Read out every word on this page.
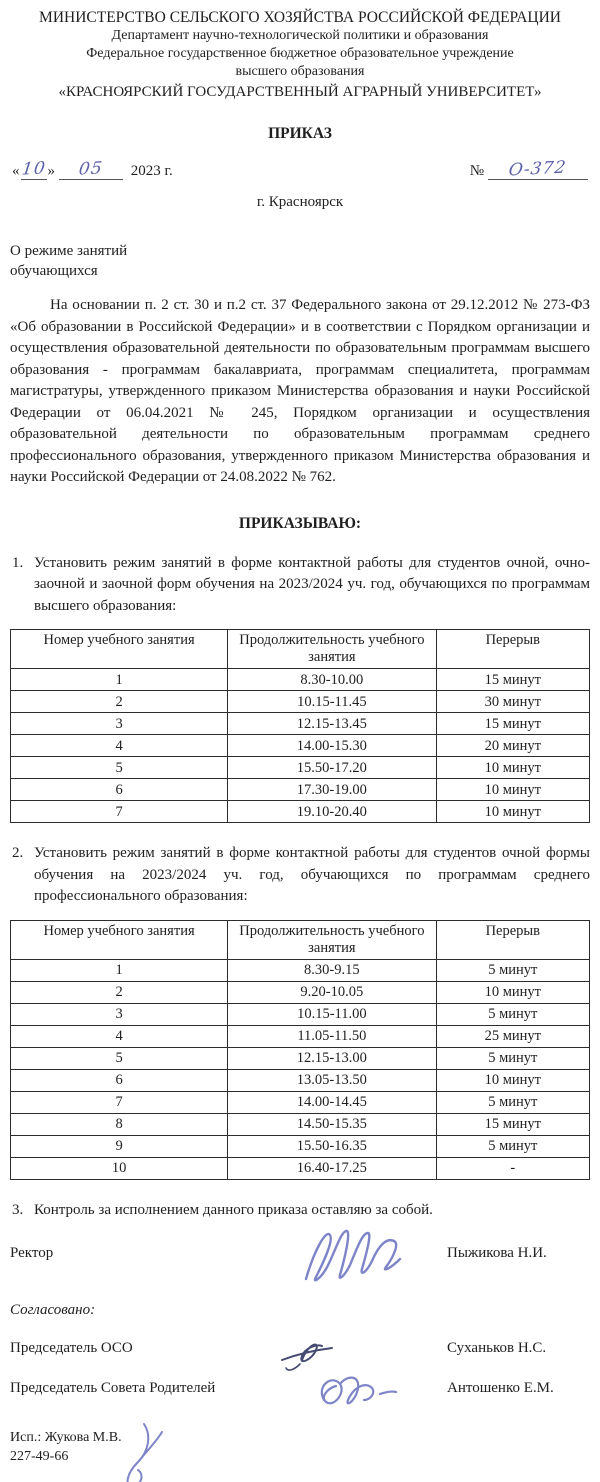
МИНИСТЕРСТВО СЕЛЬСКОГО ХОЗЯЙСТВА РОССИЙСКОЙ ФЕДЕРАЦИИ
Департамент научно-технологической политики и образования
Федеральное государственное бюджетное образовательное учреждение
высшего образования
«КРАСНОЯРСКИЙ ГОСУДАРСТВЕННЫЙ АГРАРНЫЙ УНИВЕРСИТЕТ»
ПРИКАЗ
«10» 05 2023 г.	№ О-372
г. Красноярск
О режиме занятий
обучающихся
На основании п. 2 ст. 30 и п.2 ст. 37 Федерального закона от 29.12.2012 № 273-ФЗ «Об образовании в Российской Федерации» и в соответствии с Порядком организации и осуществления образовательной деятельности по образовательным программам высшего образования - программам бакалавриата, программам специалитета, программам магистратуры, утвержденного приказом Министерства образования и науки Российской Федерации от 06.04.2021 № 245, Порядком организации и осуществления образовательной деятельности по образовательным программам среднего профессионального образования, утвержденного приказом Министерства образования и науки Российской Федерации от 24.08.2022 № 762.
ПРИКАЗЫВАЮ:
1. Установить режим занятий в форме контактной работы для студентов очной, очно-заочной и заочной форм обучения на 2023/2024 уч. год, обучающихся по программам высшего образования:
Номер учебного занятия	Продолжительность учебного занятия	Перерыв
1	8.30-10.00	15 минут
2	10.15-11.45	30 минут
3	12.15-13.45	15 минут
4	14.00-15.30	20 минут
5	15.50-17.20	10 минут
6	17.30-19.00	10 минут
7	19.10-20.40	10 минут
2. Установить режим занятий в форме контактной работы для студентов очной формы обучения на 2023/2024 уч. год, обучающихся по программам среднего профессионального образования:
Номер учебного занятия	Продолжительность учебного занятия	Перерыв
1	8.30-9.15	5 минут
2	9.20-10.05	10 минут
3	10.15-11.00	5 минут
4	11.05-11.50	25 минут
5	12.15-13.00	5 минут
6	13.05-13.50	10 минут
7	14.00-14.45	5 минут
8	14.50-15.35	15 минут
9	15.50-16.35	5 минут
10	16.40-17.25	-
3. Контроль за исполнением данного приказа оставляю за собой.
Ректор	Пыжикова Н.И.
Согласовано:
Председатель ОСО	Суханьков Н.С.
Председатель Совета Родителей	Антошенко Е.М.
Исп.: Жукова М.В.
227-49-66
